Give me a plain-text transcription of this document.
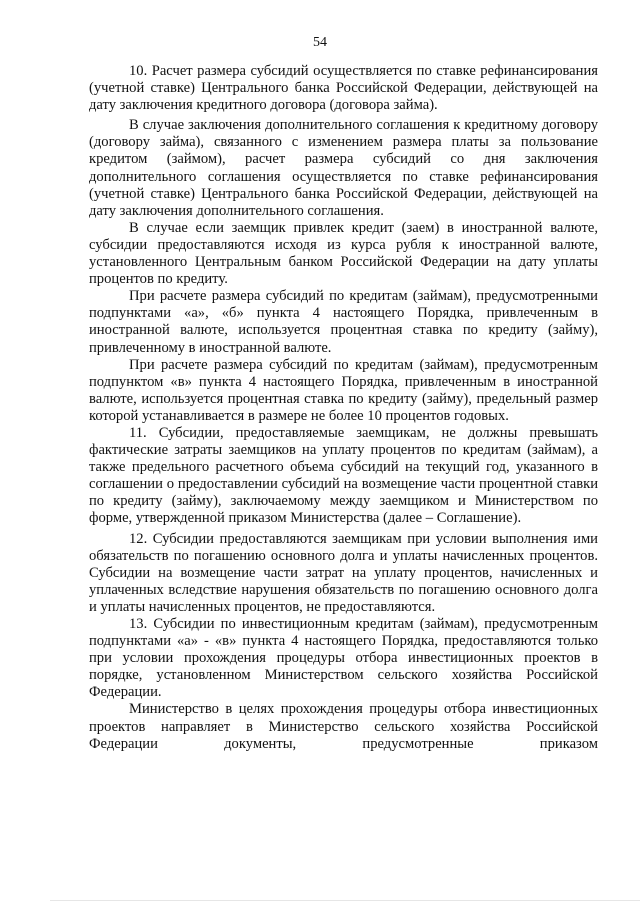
54

10. Расчет размера субсидий осуществляется по ставке рефинансирования (учетной ставке) Центрального банка Российской Федерации, действующей на дату заключения кредитного договора (договора займа).

В случае заключения дополнительного соглашения к кредитному договору (договору займа), связанного с изменением размера платы за пользование кредитом (займом), расчет размера субсидий со дня заключения дополнительного соглашения осуществляется по ставке рефинансирования (учетной ставке) Центрального банка Российской Федерации, действующей на дату заключения дополнительного соглашения.

В случае если заемщик привлек кредит (заем) в иностранной валюте, субсидии предоставляются исходя из курса рубля к иностранной валюте, установленного Центральным банком Российской Федерации на дату уплаты процентов по кредиту.

При расчете размера субсидий по кредитам (займам), предусмотренными подпунктами «а», «б» пункта 4 настоящего Порядка, привлеченным в иностранной валюте, используется процентная ставка по кредиту (займу), привлеченному в иностранной валюте.

При расчете размера субсидий по кредитам (займам), предусмотренным подпунктом «в» пункта 4 настоящего Порядка, привлеченным в иностранной валюте, используется процентная ставка по кредиту (займу), предельный размер которой устанавливается в размере не более 10 процентов годовых.

11. Субсидии, предоставляемые заемщикам, не должны превышать фактические затраты заемщиков на уплату процентов по кредитам (займам), а также предельного расчетного объема субсидий на текущий год, указанного в соглашении о предоставлении субсидий на возмещение части процентной ставки по кредиту (займу), заключаемому между заемщиком и Министерством по форме, утвержденной приказом Министерства (далее – Соглашение).

12. Субсидии предоставляются заемщикам при условии выполнения ими обязательств по погашению основного долга и уплаты начисленных процентов. Субсидии на возмещение части затрат на уплату процентов, начисленных и уплаченных вследствие нарушения обязательств по погашению основного долга и уплаты начисленных процентов, не предоставляются.

13. Субсидии по инвестиционным кредитам (займам), предусмотренным подпунктами «а» - «в» пункта 4 настоящего Порядка, предоставляются только при условии прохождения процедуры отбора инвестиционных проектов в порядке, установленном Министерством сельского хозяйства Российской Федерации.

Министерство в целях прохождения процедуры отбора инвестиционных проектов направляет в Министерство сельского хозяйства Российской Федерации документы, предусмотренные приказом
